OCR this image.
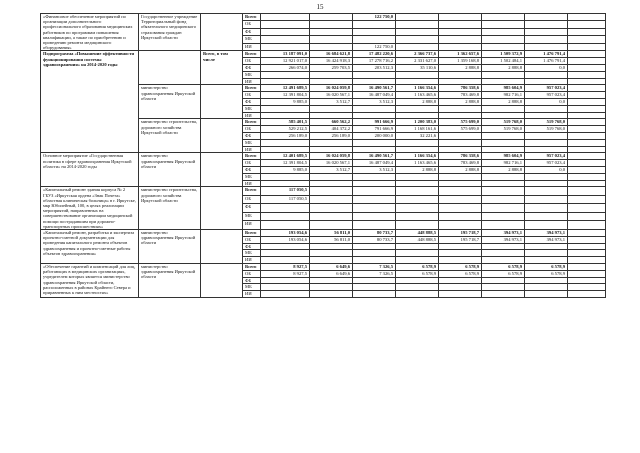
15
«Финансовое обеспечение мероприятий по организации дополнительного профессионального образования медицинских работников по программам повышения квалификации, а также по приобретению и проведению ремонта медицинского оборудования»	Государственное учреждение Территориальный фонд обязательного медицинского страхования граждан Иркутской области		Всего			122 750,0					
			ОБ								
			ФБ								
			МБ								
			ИИ			122 750,0					
Подпрограмма «Повышение эффективности функционирования системы здравоохранения» на 2014-2020 годы		Всего, в том числе	Всего	13 187 091,0	16 684 621,8	17 482 220,6	2 366 737,6	1 362 657,6	1 509 372,9	1 476 791,4	
			ОБ	12 921 017,0	16 424 918,3	17 278 716,2	2 331 627,0	1 359 168,8	1 502 484,1	1 476 791,4	
			ФБ	266 074,0	259 703,5	203 512,3	35 110,6	2 888,8	2 888,8	0,0	
			МБ								
			ИИ								
	министерство здравоохранения Иркутской области		Всего	12 491 689,5	16 024 059,8	16 490 561,7	1 166 354,6	786 358,6	985 604,9	957 023,4	
			ОБ	12 391 804,5	16 020 567,1	16 487 049,4	1 163 465,6	783 469,8	982 716,1	957 023,4	
			ФБ	9 885,0	3 512,7	3 512,3	2 888,8	2 888,8	2 888,8	0,0	
			МБ								
			ИИ								
	министерство строительства, дорожного хозяйства Иркутской области		Всего	585 401,5	660 562,2	991 666,9	1 200 383,0	575 699,0	519 768,0	519 768,0	
			ОБ	529 212,5	404 372,2	791 666,9	1 168 161,6	575 699,0	519 768,0	519 768,0	
			ФБ	256 189,0	256 189,0	200 000,0	32 221,6				
			МБ								
			ИИ								
Основное мероприятие «Государственная политика в сфере здравоохранения Иркутской области» на 2014-2020 годы	министерство здравоохранения Иркутской области		Всего	12 401 689,5	16 024 059,8	16 490 561,7	1 166 354,6	786 358,6	985 604,9	957 023,4	
			ОБ	12 391 804,5	16 020 567,1	16 487 049,4	1 163 465,6	783 469,8	982 716,1	957 023,4	
			ФБ	9 885,0	3 512,7	3 512,3	2 888,8	2 888,8	2 888,8	0,0	
			МБ								
			ИИ								
«Капитальный ремонт здания корпуса № 2 ГБУЗ «Иркутская ордена «Знак Почета» областная клиническая больница» в г. Иркутске, мкр Юбилейный, 100, в целях реализации мероприятий, направленных на совершенствование организации медицинской помощи пострадавшим при дорожно-транспортных происшествиях»	министерство строительства, дорожного хозяйства Иркутской области		Всего	117 050,5							
			ОБ	117 050,5							
			ФБ								
			МБ								
			ИИ								
«Капитальный ремонт, разработка и экспертиза проектно-сметной документации для проведения капитального ремонта объектов здравоохранения и проектно-сметные работы объектов здравоохранения»	министерство здравоохранения Иркутской области		Всего	193 054,6	56 811,0	80 733,7	448 888,5	195 718,7	394 973,1	394 973,1	
			ОБ	193 054,6	56 811,0	80 733,7	448 888,5	195 718,7	394 973,1	394 973,1	
			ФБ								
			МБ								
			ИИ								
«Обеспечение гарантий и компенсаций для лиц, работающих в медицинских организациях, учредителем которых является министерство здравоохранения Иркутской области, расположенных в районах Крайнего Севера и приравненных к ним местностях»	министерство здравоохранения Иркутской области		Всего	8 927,5	6 649,6	7 326,5	6 578,9	6 578,9	6 578,9	6 578,9	
			ОБ	8 927,5	6 649,6	7 326,5	6 578,9	6 578,9	6 578,9	6 578,9	
			ФБ								
			МБ								
			ИИ								
